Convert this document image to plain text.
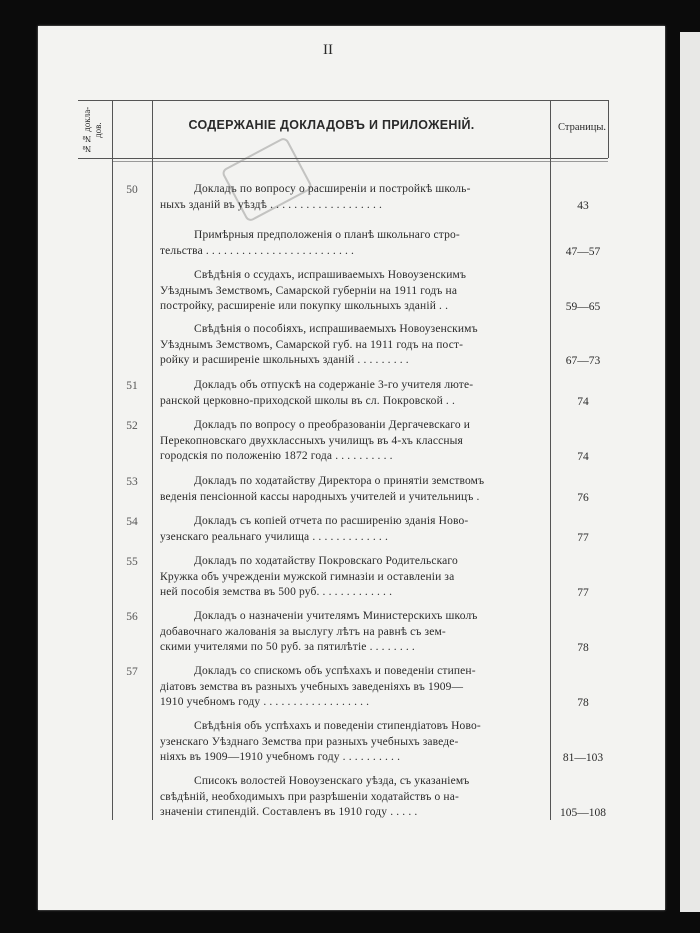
II
№№ докла-дов.	СОДЕРЖАНІЕ ДОКЛАДОВЪ И ПРИЛОЖЕНІЙ.	Страницы.
50	Докладъ по вопросу о расширеніи и постройкѣ школь-
ныхъ зданій въ уѣздѣ . . . . . . . . . . . . . . . . . . .	43
Примѣрныя предположенія о планѣ школьнаго стро-
тельства . . . . . . . . . . . . . . . . . . . . . . . . .	47—57
Свѣдѣнія о ссудахъ, испрашиваемыхъ Новоузенскимъ
Уѣзднымъ Земствомъ, Самарской губерніи на 1911 годъ на
постройку, расширеніе или покупку школьныхъ зданій . .	59—65
Свѣдѣнія о пособіяхъ, испрашиваемыхъ Новоузенскимъ
Уѣзднымъ Земствомъ, Самарской губ. на 1911 годъ на пост-
ройку и расширеніе школьныхъ зданій . . . . . . . . .	67—73
51	Докладъ объ отпускѣ на содержаніе 3-го учителя лютe-
ранской церковно-приходской школы въ сл. Покровской . .	74
52	Докладъ по вопросу о преобразованіи Дергачевскаго и
Перекопновскаго двухклассныхъ училищъ въ 4-хъ классныя
городскія по положенію 1872 года . . . . . . . . . .	74
53	Докладъ по ходатайству Директора о принятіи земствомъ
веденія пенсіонной кассы народныхъ учителей и учительницъ .	76
54	Докладъ съ копіей отчета по расширенію зданія Ново-
узенскаго реальнаго училища . . . . . . . . . . . . .	77
55	Докладъ по ходатайству Покровскаго Родительскаго
Кружка объ учрежденіи мужской гимназіи и оставленіи за
ней пособія земства въ 500 руб. . . . . . . . . . . . .	77
56	Докладъ о назначеніи учителямъ Министерскихъ школъ
добавочнаго жалованія за выслугу лѣтъ на равнѣ съ зем-
скими учителями по 50 руб. за пятилѣтіе . . . . . . . .	78
57	Докладъ со спискомъ объ успѣхахъ и поведеніи стипен-
діатовъ земства въ разныхъ учебныхъ заведеніяхъ въ 1909—
1910 учебномъ году . . . . . . . . . . . . . . . . . .	78
Свѣдѣнія объ успѣхахъ и поведеніи стипендіатовъ Ново-
узенскаго Уѣзднаго Земства при разныхъ учебныхъ заведе-
ніяхъ въ 1909—1910 учебномъ году . . . . . . . . . .	81—103
Списокъ волостей Новоузенскаго уѣзда, съ указаніемъ
свѣдѣній, необходимыхъ при разрѣшеніи ходатайствъ о на-
значеніи стипендій. Составленъ въ 1910 году . . . . .	105—108
